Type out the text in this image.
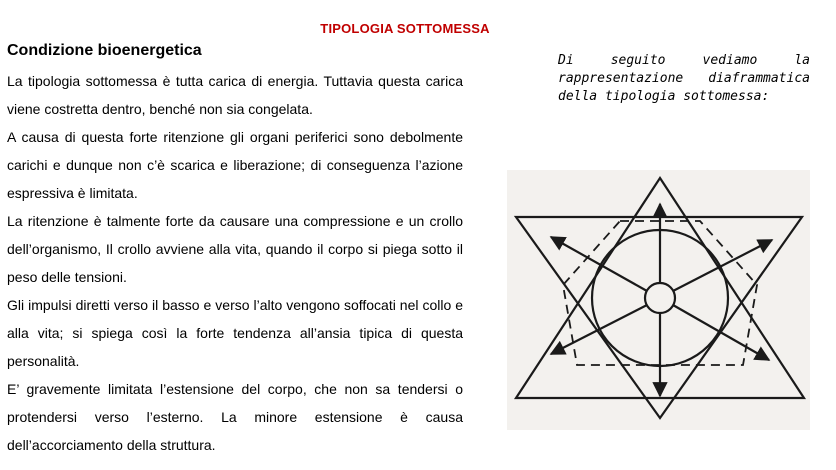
TIPOLOGIA SOTTOMESSA
Condizione bioenergetica

La tipologia sottomessa è tutta carica di energia. Tuttavia questa carica viene costretta dentro, benché non sia congelata.

A causa di questa forte ritenzione gli organi periferici sono debolmente carichi e dunque non c’è scarica e liberazione; di conseguenza l’azione espressiva è limitata.

La ritenzione è talmente forte da causare una compressione e un crollo dell’organismo, Il crollo avviene alla vita, quando il corpo si piega sotto il peso delle tensioni.

Gli impulsi diretti verso il basso e verso l’alto vengono soffocati nel collo e alla vita; si spiega così la forte tendenza all’ansia tipica di questa personalità.

E’ gravemente limitata l’estensione del corpo, che non sa tendersi o protendersi verso l’esterno. La minore estensione è causa dell’accorciamento della struttura.

Di seguito vediamo la rappresentazione diaframmatica della tipologia sottomessa:
